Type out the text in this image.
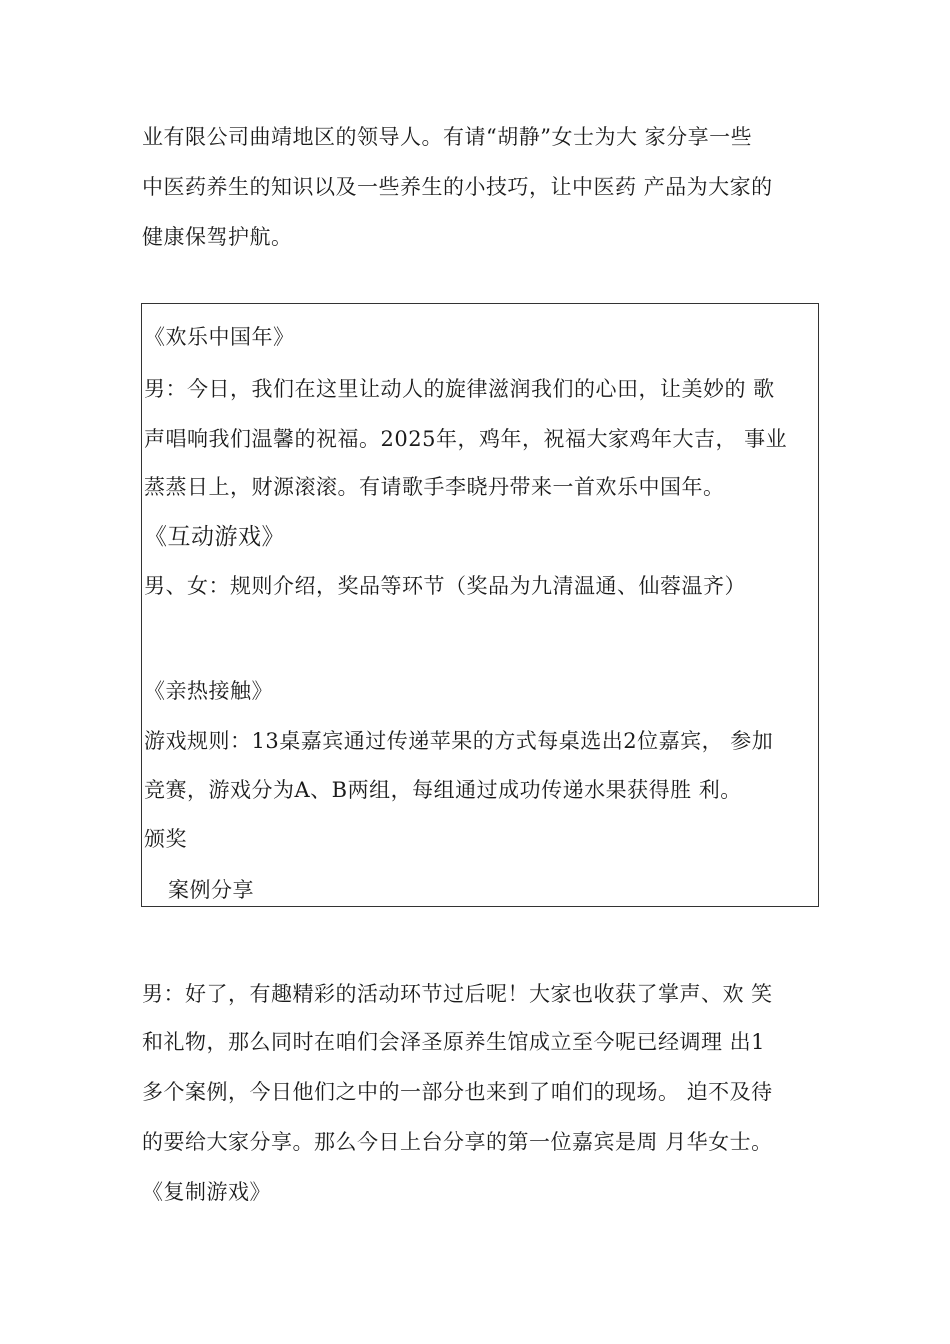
业有限公司曲靖地区的领导人。有请“胡静”女士为大 家分享一些
中医药养生的知识以及一些养生的小技巧，让中医药 产品为大家的
健康保驾护航。
《欢乐中国年》
男：今日，我们在这里让动人的旋律滋润我们的心田，让美妙的 歌
声唱响我们温馨的祝福。2025年，鸡年，祝福大家鸡年大吉， 事业
蒸蒸日上，财源滚滚。有请歌手李晓丹带来一首欢乐中国年。
《互动游戏》
男、女：规则介绍，奖品等环节（奖品为九清温通、仙蓉温齐）
《亲热接触》
游戏规则：13桌嘉宾通过传递苹果的方式每桌选出2位嘉宾， 参加
竞赛，游戏分为A、B两组，每组通过成功传递水果获得胜 利。
颁奖
案例分享
男：好了，有趣精彩的活动环节过后呢！大家也收获了掌声、欢 笑
和礼物，那么同时在咱们会泽圣原养生馆成立至今呢已经调理 出1
多个案例，今日他们之中的一部分也来到了咱们的现场。 迫不及待
的要给大家分享。那么今日上台分享的第一位嘉宾是周 月华女士。
《复制游戏》
